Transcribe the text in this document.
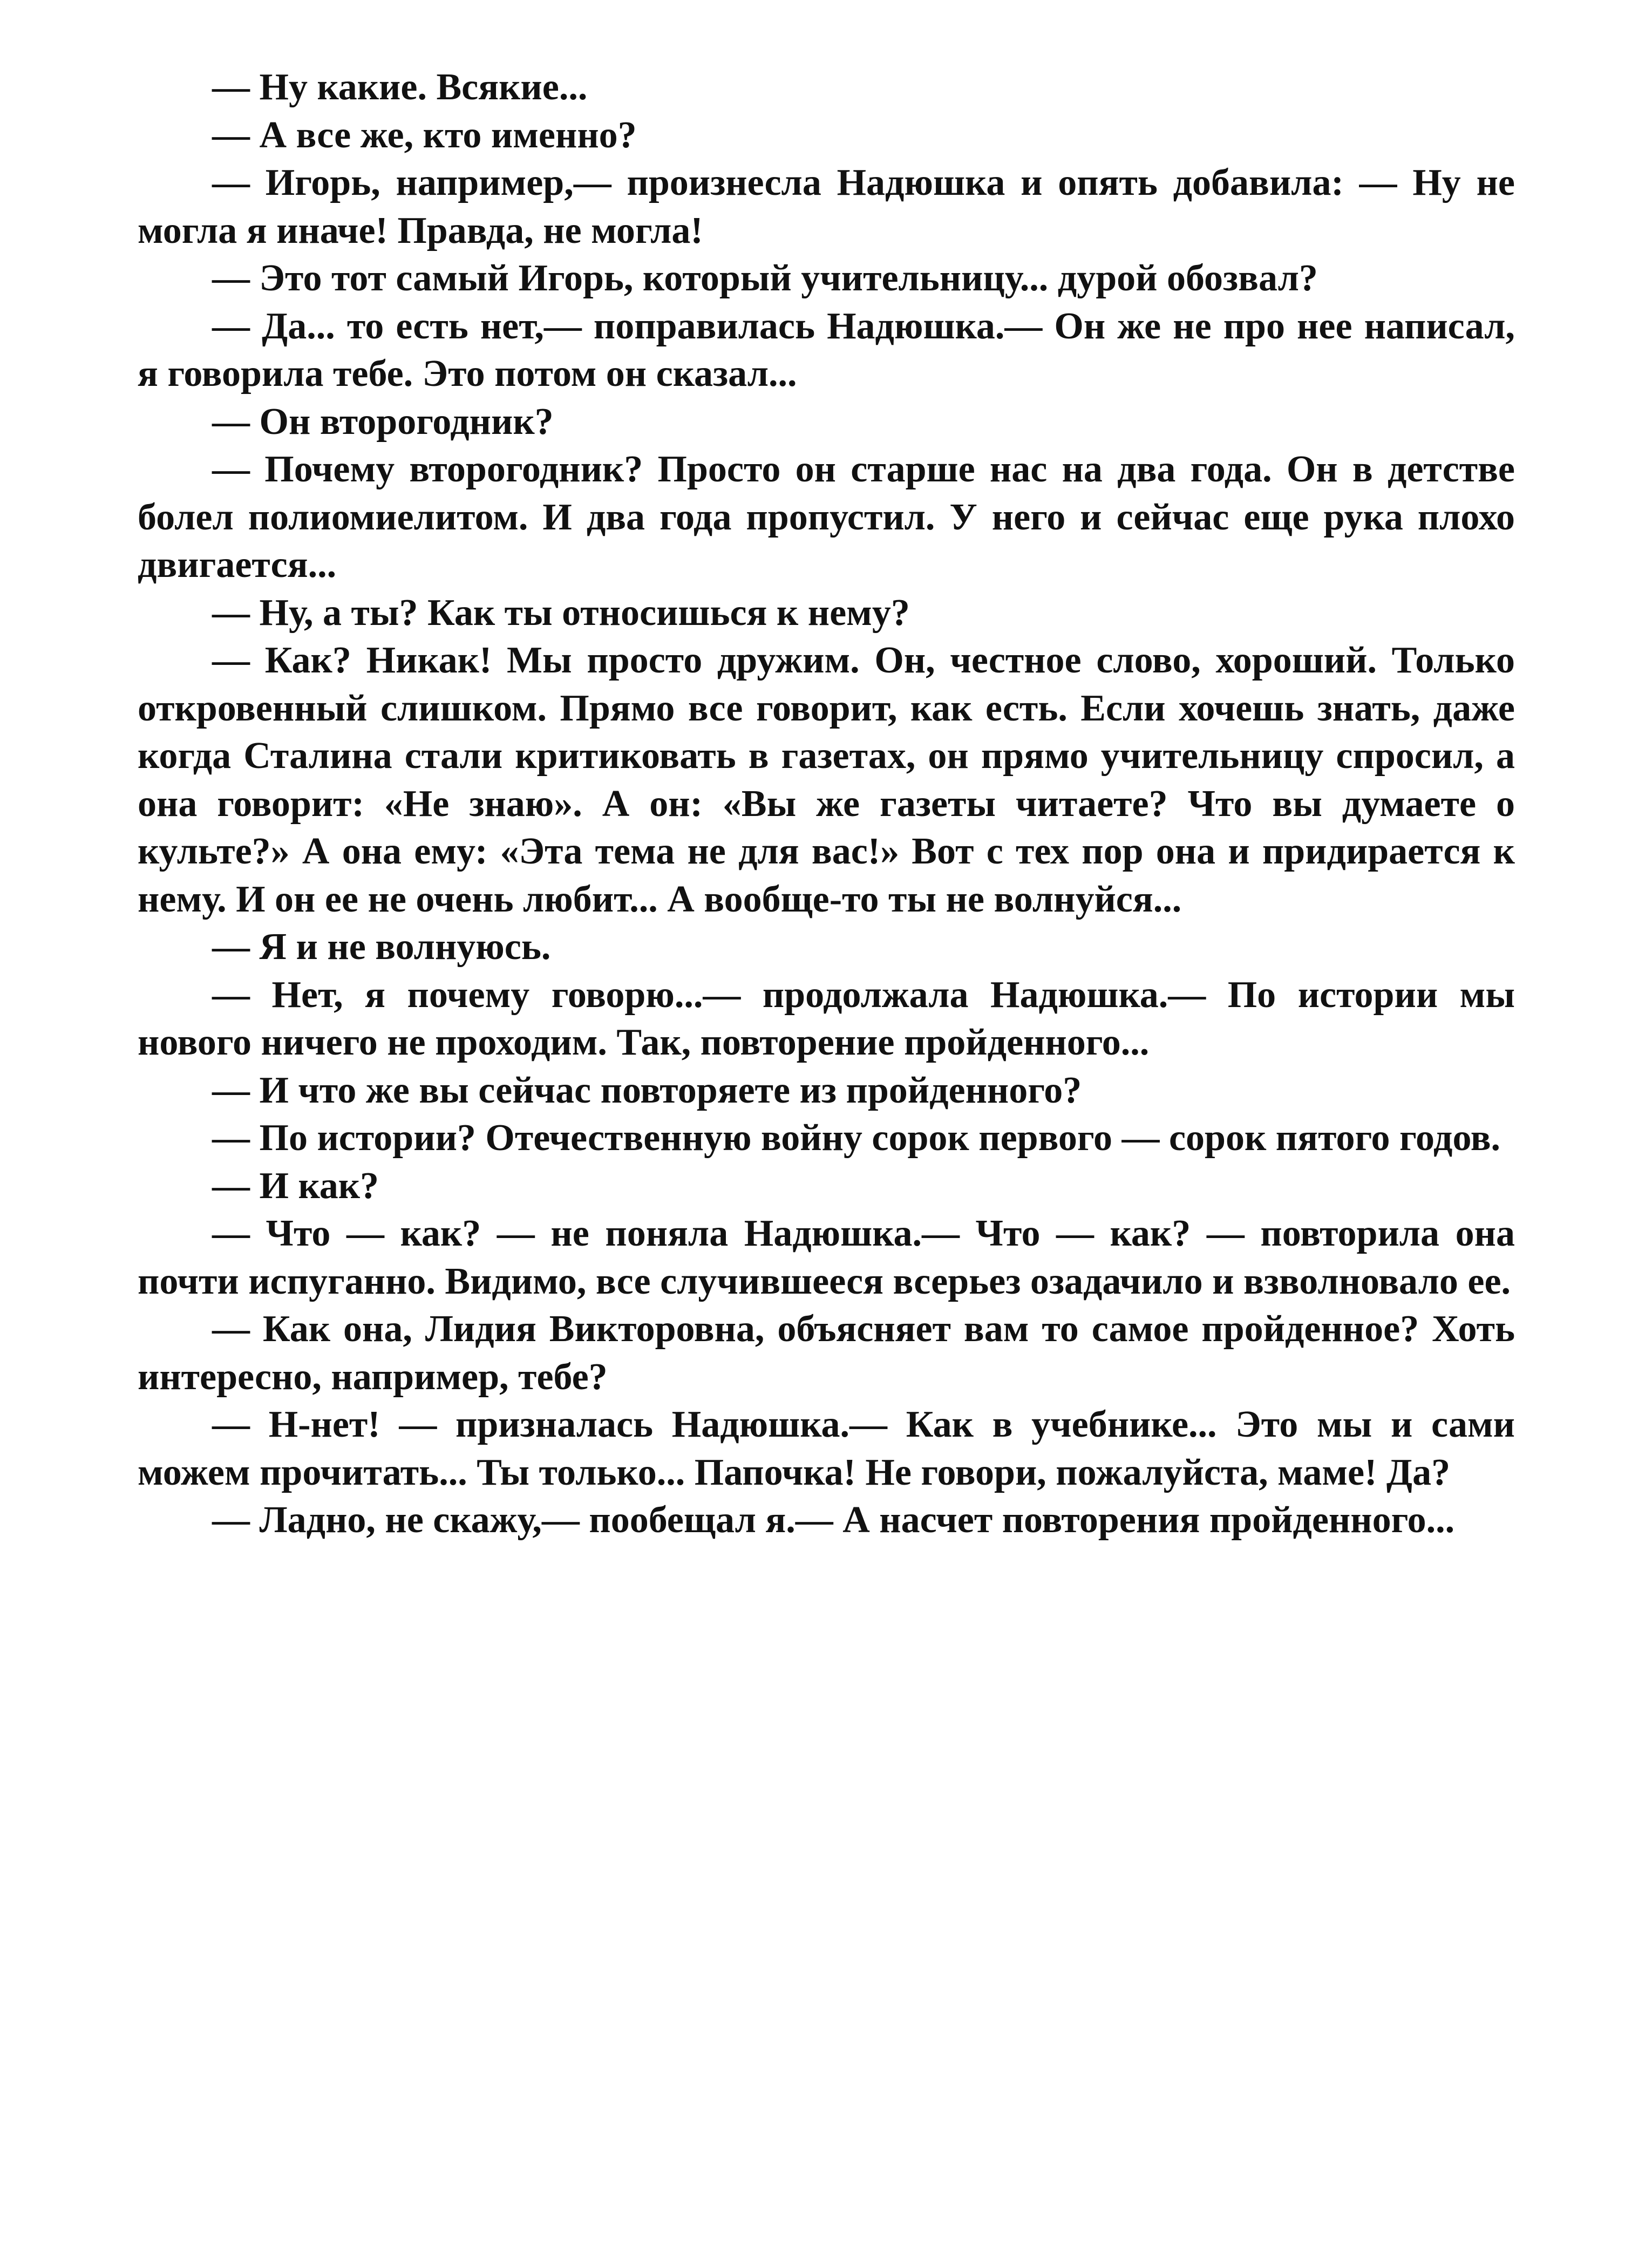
— Ну какие. Всякие...

— А все же, кто именно?

— Игорь, например,— произнесла Надюшка и опять добавила: — Ну не могла я иначе! Правда, не могла!

— Это тот самый Игорь, который учительницу... дурой обозвал?

— Да... то есть нет,— поправилась Надюшка.— Он же не про нее написал, я говорила тебе. Это потом он сказал...

— Он второгодник?

— Почему второгодник? Просто он старше нас на два года. Он в детстве болел полиомиелитом. И два года пропустил. У него и сейчас еще рука плохо двигается...

— Ну, а ты? Как ты относишься к нему?

— Как? Никак! Мы просто дружим. Он, честное слово, хороший. Только откровенный слишком. Прямо все говорит, как есть. Если хочешь знать, даже когда Сталина стали критиковать в газетах, он прямо учительницу спросил, а она говорит: «Не знаю». А он: «Вы же газеты читаете? Что вы думаете о культе?» А она ему: «Эта тема не для вас!» Вот с тех пор она и придирается к нему. И он ее не очень любит... А вообще-то ты не волнуйся...

— Я и не волнуюсь.

— Нет, я почему говорю...— продолжала Надюшка.— По истории мы нового ничего не проходим. Так, повторение пройденного...

— И что же вы сейчас повторяете из пройденного?

— По истории? Отечественную войну сорок первого — сорок пятого годов.

— И как?

— Что — как? — не поняла Надюшка.— Что — как? — повторила она почти испуганно. Видимо, все случившееся всерьез озадачило и взволновало ее.

— Как она, Лидия Викторовна, объясняет вам то самое пройденное? Хоть интересно, например, тебе?

— Н-нет! — призналась Надюшка.— Как в учебнике... Это мы и сами можем прочитать... Ты только... Папочка! Не говори, пожалуйста, маме! Да?

— Ладно, не скажу,— пообещал я.— А насчет повторения пройденного...
